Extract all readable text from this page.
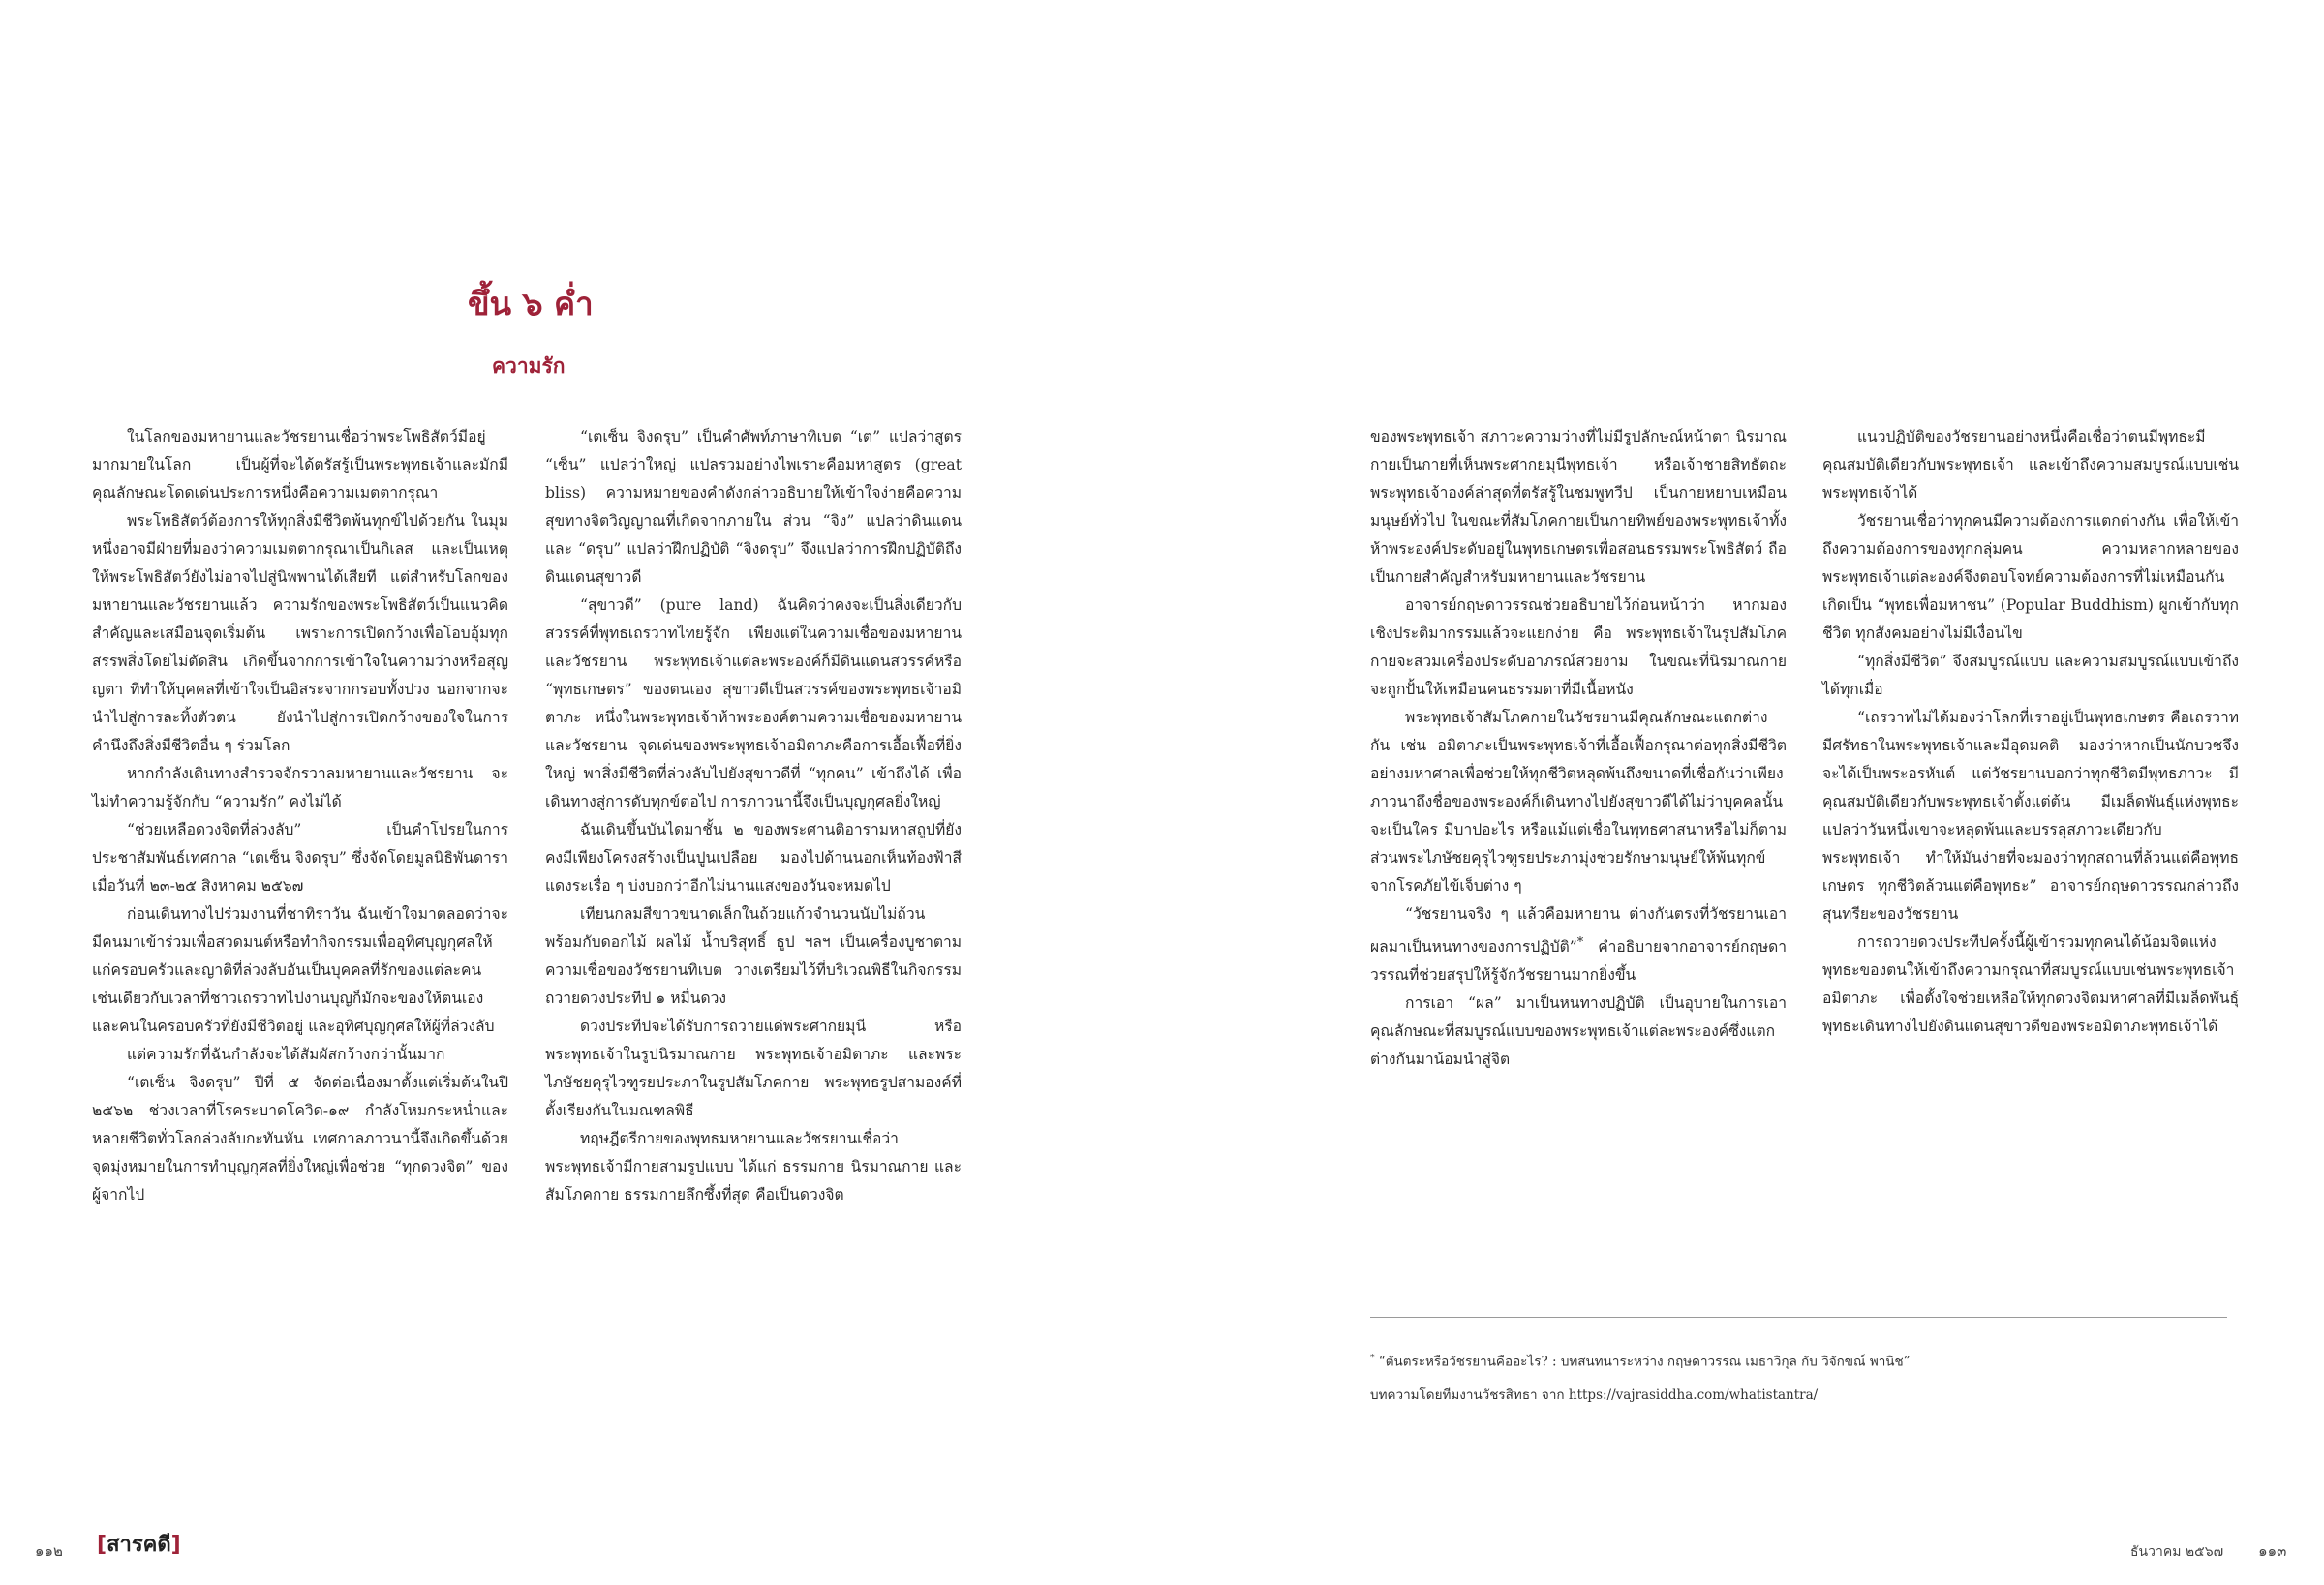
ขึ้น ๖ ค่ำ
ความรัก

ในโลกของมหายานและวัชรยานเชื่อว่าพระโพธิสัตว์มีอยู่มากมายในโลก เป็นผู้ที่จะได้ตรัสรู้เป็นพระพุทธเจ้าและมักมีคุณลักษณะโดดเด่นประการหนึ่งคือความเมตตากรุณา

พระโพธิสัตว์ต้องการให้ทุกสิ่งมีชีวิตพ้นทุกข์ไปด้วยกัน ในมุมหนึ่งอาจมีฝ่ายที่มองว่าความเมตตากรุณาเป็นกิเลส และเป็นเหตุให้พระโพธิสัตว์ยังไม่อาจไปสู่นิพพานได้เสียที แต่สำหรับโลกของมหายานและวัชรยานแล้ว ความรักของพระโพธิสัตว์เป็นแนวคิดสำคัญและเสมือนจุดเริ่มต้น เพราะการเปิดกว้างเพื่อโอบอุ้มทุกสรรพสิ่งโดยไม่ตัดสิน เกิดขึ้นจากการเข้าใจในความว่างหรือสุญญตา ที่ทำให้บุคคลที่เข้าใจเป็นอิสระจากกรอบทั้งปวง นอกจากจะนำไปสู่การละทิ้งตัวตน ยังนำไปสู่การเปิดกว้างของใจในการคำนึงถึงสิ่งมีชีวิตอื่น ๆ ร่วมโลก

หากกำลังเดินทางสำรวจจักรวาลมหายานและวัชรยาน จะไม่ทำความรู้จักกับ “ความรัก” คงไม่ได้

“ช่วยเหลือดวงจิตที่ล่วงลับ” เป็นคำโปรยในการประชาสัมพันธ์เทศกาล “เตเซ็น จิงดรุบ” ซึ่งจัดโดยมูลนิธิพันดารา เมื่อวันที่ ๒๓-๒๕ สิงหาคม ๒๕๖๗

ก่อนเดินทางไปร่วมงานที่ชาทิราวัน ฉันเข้าใจมาตลอดว่าจะมีคนมาเข้าร่วมเพื่อสวดมนต์หรือทำกิจกรรมเพื่ออุทิศบุญกุศลให้แก่ครอบครัวและญาติที่ล่วงลับอันเป็นบุคคลที่รักของแต่ละคน เช่นเดียวกับเวลาที่ชาวเถรวาทไปงานบุญก็มักจะของให้ตนเองและคนในครอบครัวที่ยังมีชีวิตอยู่ และอุทิศบุญกุศลให้ผู้ที่ล่วงลับ

แต่ความรักที่ฉันกำลังจะได้สัมผัสกว้างกว่านั้นมาก

“เตเซ็น จิงดรุบ” ปีที่ ๕ จัดต่อเนื่องมาตั้งแต่เริ่มต้นในปี ๒๕๖๒ ช่วงเวลาที่โรคระบาดโควิด-๑๙ กำลังโหมกระหน่ำและหลายชีวิตทั่วโลกล่วงลับกะทันหัน เทศกาลภาวนานี้จึงเกิดขึ้นด้วยจุดมุ่งหมายในการทำบุญกุศลที่ยิ่งใหญ่เพื่อช่วย “ทุกดวงจิต” ของผู้จากไป

“เตเซ็น จิงดรุบ” เป็นคำศัพท์ภาษาทิเบต “เต” แปลว่าสูตร “เซ็น” แปลว่าใหญ่ แปลรวมอย่างไพเราะคือมหาสูตร (great bliss) ความหมายของคำดังกล่าวอธิบายให้เข้าใจง่ายคือความสุขทางจิตวิญญาณที่เกิดจากภายใน ส่วน “จิง” แปลว่าดินแดน และ “ดรุบ” แปลว่าฝึกปฏิบัติ “จิงดรุบ” จึงแปลว่าการฝึกปฏิบัติถึงดินแดนสุขาวดี

“สุขาวดี” (pure land) ฉันคิดว่าคงจะเป็นสิ่งเดียวกับสวรรค์ที่พุทธเถรวาทไทยรู้จัก เพียงแต่ในความเชื่อของมหายานและวัชรยาน พระพุทธเจ้าแต่ละพระองค์ก็มีดินแดนสวรรค์หรือ “พุทธเกษตร” ของตนเอง สุขาวดีเป็นสวรรค์ของพระพุทธเจ้าอมิตาภะ หนึ่งในพระพุทธเจ้าห้าพระองค์ตามความเชื่อของมหายานและวัชรยาน จุดเด่นของพระพุทธเจ้าอมิตาภะคือการเอื้อเฟื้อที่ยิ่งใหญ่ พาสิ่งมีชีวิตที่ล่วงลับไปยังสุขาวดีที่ “ทุกคน” เข้าถึงได้ เพื่อเดินทางสู่การดับทุกข์ต่อไป การภาวนานี้จึงเป็นบุญกุศลยิ่งใหญ่

ฉันเดินขึ้นบันไดมาชั้น ๒ ของพระศานติอารามหาสถูปที่ยังคงมีเพียงโครงสร้างเป็นปูนเปลือย มองไปด้านนอกเห็นท้องฟ้าสีแดงระเรื่อ ๆ บ่งบอกว่าอีกไม่นานแสงของวันจะหมดไป

เทียนกลมสีขาวขนาดเล็กในถ้วยแก้วจำนวนนับไม่ถ้วนพร้อมกับดอกไม้ ผลไม้ น้ำบริสุทธิ์ ธูป ฯลฯ เป็นเครื่องบูชาตามความเชื่อของวัชรยานทิเบต วางเตรียมไว้ที่บริเวณพิธีในกิจกรรมถวายดวงประทีป ๑ หมื่นดวง

ดวงประทีปจะได้รับการถวายแด่พระศากยมุนี หรือพระพุทธเจ้าในรูปนิรมาณกาย พระพุทธเจ้าอมิตาภะ และพระไภษัชยคุรุไวฑูรยประภาในรูปสัมโภคกาย พระพุทธรูปสามองค์ที่ตั้งเรียงกันในมณฑลพิธี

ทฤษฎีตรีกายของพุทธมหายานและวัชรยานเชื่อว่าพระพุทธเจ้ามีกายสามรูปแบบ ได้แก่ ธรรมกาย นิรมาณกาย และสัมโภคกาย ธรรมกายลึกซึ้งที่สุด คือเป็นดวงจิต

๑๑๒ [สารคดี]

ของพระพุทธเจ้า สภาวะความว่างที่ไม่มีรูปลักษณ์หน้าตา นิรมาณกายเป็นกายที่เห็นพระศากยมุนีพุทธเจ้า หรือเจ้าชายสิทธัตถะ พระพุทธเจ้าองค์ล่าสุดที่ตรัสรู้ในชมพูทวีป เป็นกายหยาบเหมือนมนุษย์ทั่วไป ในขณะที่สัมโภคกายเป็นกายทิพย์ของพระพุทธเจ้าทั้งห้าพระองค์ประดับอยู่ในพุทธเกษตรเพื่อสอนธรรมพระโพธิสัตว์ ถือเป็นกายสำคัญสำหรับมหายานและวัชรยาน

อาจารย์กฤษดาวรรณช่วยอธิบายไว้ก่อนหน้าว่า หากมองเชิงประติมากรรมแล้วจะแยกง่าย คือ พระพุทธเจ้าในรูปสัมโภคกายจะสวมเครื่องประดับอาภรณ์สวยงาม ในขณะที่นิรมาณกายจะถูกปั้นให้เหมือนคนธรรมดาที่มีเนื้อหนัง

พระพุทธเจ้าสัมโภคกายในวัชรยานมีคุณลักษณะแตกต่างกัน เช่น อมิตาภะเป็นพระพุทธเจ้าที่เอื้อเฟื้อกรุณาต่อทุกสิ่งมีชีวิตอย่างมหาศาลเพื่อช่วยให้ทุกชีวิตหลุดพ้นถึงขนาดที่เชื่อกันว่าเพียงภาวนาถึงชื่อของพระองค์ก็เดินทางไปยังสุขาวดีได้ไม่ว่าบุคคลนั้นจะเป็นใคร มีบาปอะไร หรือแม้แต่เชื่อในพุทธศาสนาหรือไม่ก็ตาม ส่วนพระไภษัชยคุรุไวฑูรยประภามุ่งช่วยรักษามนุษย์ให้พ้นทุกข์จากโรคภัยไข้เจ็บต่าง ๆ

“วัชรยานจริง ๆ แล้วคือมหายาน ต่างกันตรงที่วัชรยานเอาผลมาเป็นหนทางของการปฏิบัติ”* คำอธิบายจากอาจารย์กฤษดาวรรณที่ช่วยสรุปให้รู้จักวัชรยานมากยิ่งขึ้น

การเอา “ผล” มาเป็นหนทางปฏิบัติ เป็นอุบายในการเอาคุณลักษณะที่สมบูรณ์แบบของพระพุทธเจ้าแต่ละพระองค์ซึ่งแตกต่างกันมาน้อมนำสู่จิต

แนวปฏิบัติของวัชรยานอย่างหนึ่งคือเชื่อว่าตนมีพุทธะมีคุณสมบัติเดียวกับพระพุทธเจ้า และเข้าถึงความสมบูรณ์แบบเช่นพระพุทธเจ้าได้

วัชรยานเชื่อว่าทุกคนมีความต้องการแตกต่างกัน เพื่อให้เข้าถึงความต้องการของทุกกลุ่มคน ความหลากหลายของพระพุทธเจ้าแต่ละองค์จึงตอบโจทย์ความต้องการที่ไม่เหมือนกัน เกิดเป็น “พุทธเพื่อมหาชน” (Popular Buddhism) ผูกเข้ากับทุกชีวิต ทุกสังคมอย่างไม่มีเงื่อนไข

“ทุกสิ่งมีชีวิต” จึงสมบูรณ์แบบ และความสมบูรณ์แบบเข้าถึงได้ทุกเมื่อ

“เถรวาทไม่ได้มองว่าโลกที่เราอยู่เป็นพุทธเกษตร คือเถรวาทมีศรัทธาในพระพุทธเจ้าและมีอุดมคติ มองว่าหากเป็นนักบวชจึงจะได้เป็นพระอรหันต์ แต่วัชรยานบอกว่าทุกชีวิตมีพุทธภาวะ มีคุณสมบัติเดียวกับพระพุทธเจ้าตั้งแต่ต้น มีเมล็ดพันธุ์แห่งพุทธะ แปลว่าวันหนึ่งเขาจะหลุดพ้นและบรรลุสภาวะเดียวกับพระพุทธเจ้า ทำให้มันง่ายที่จะมองว่าทุกสถานที่ล้วนแต่คือพุทธเกษตร ทุกชีวิตล้วนแต่คือพุทธะ” อาจารย์กฤษดาวรรณกล่าวถึงสุนทรียะของวัชรยาน

การถวายดวงประทีปครั้งนี้ผู้เข้าร่วมทุกคนได้น้อมจิตแห่งพุทธะของตนให้เข้าถึงความกรุณาที่สมบูรณ์แบบเช่นพระพุทธเจ้าอมิตาภะ เพื่อตั้งใจช่วยเหลือให้ทุกดวงจิตมหาศาลที่มีเมล็ดพันธุ์พุทธะเดินทางไปยังดินแดนสุขาวดีของพระอมิตาภะพุทธเจ้าได้

* “ตันตระหรือวัชรยานคืออะไร? : บทสนทนาระหว่าง กฤษดาวรรณ เมธาวิกุล กับ วิจักขณ์ พานิช”

บทความโดยทีมงานวัชรสิทธา จาก https://vajrasiddha.com/whatistantra/

ธันวาคม ๒๕๖๗ ๑๑๓
